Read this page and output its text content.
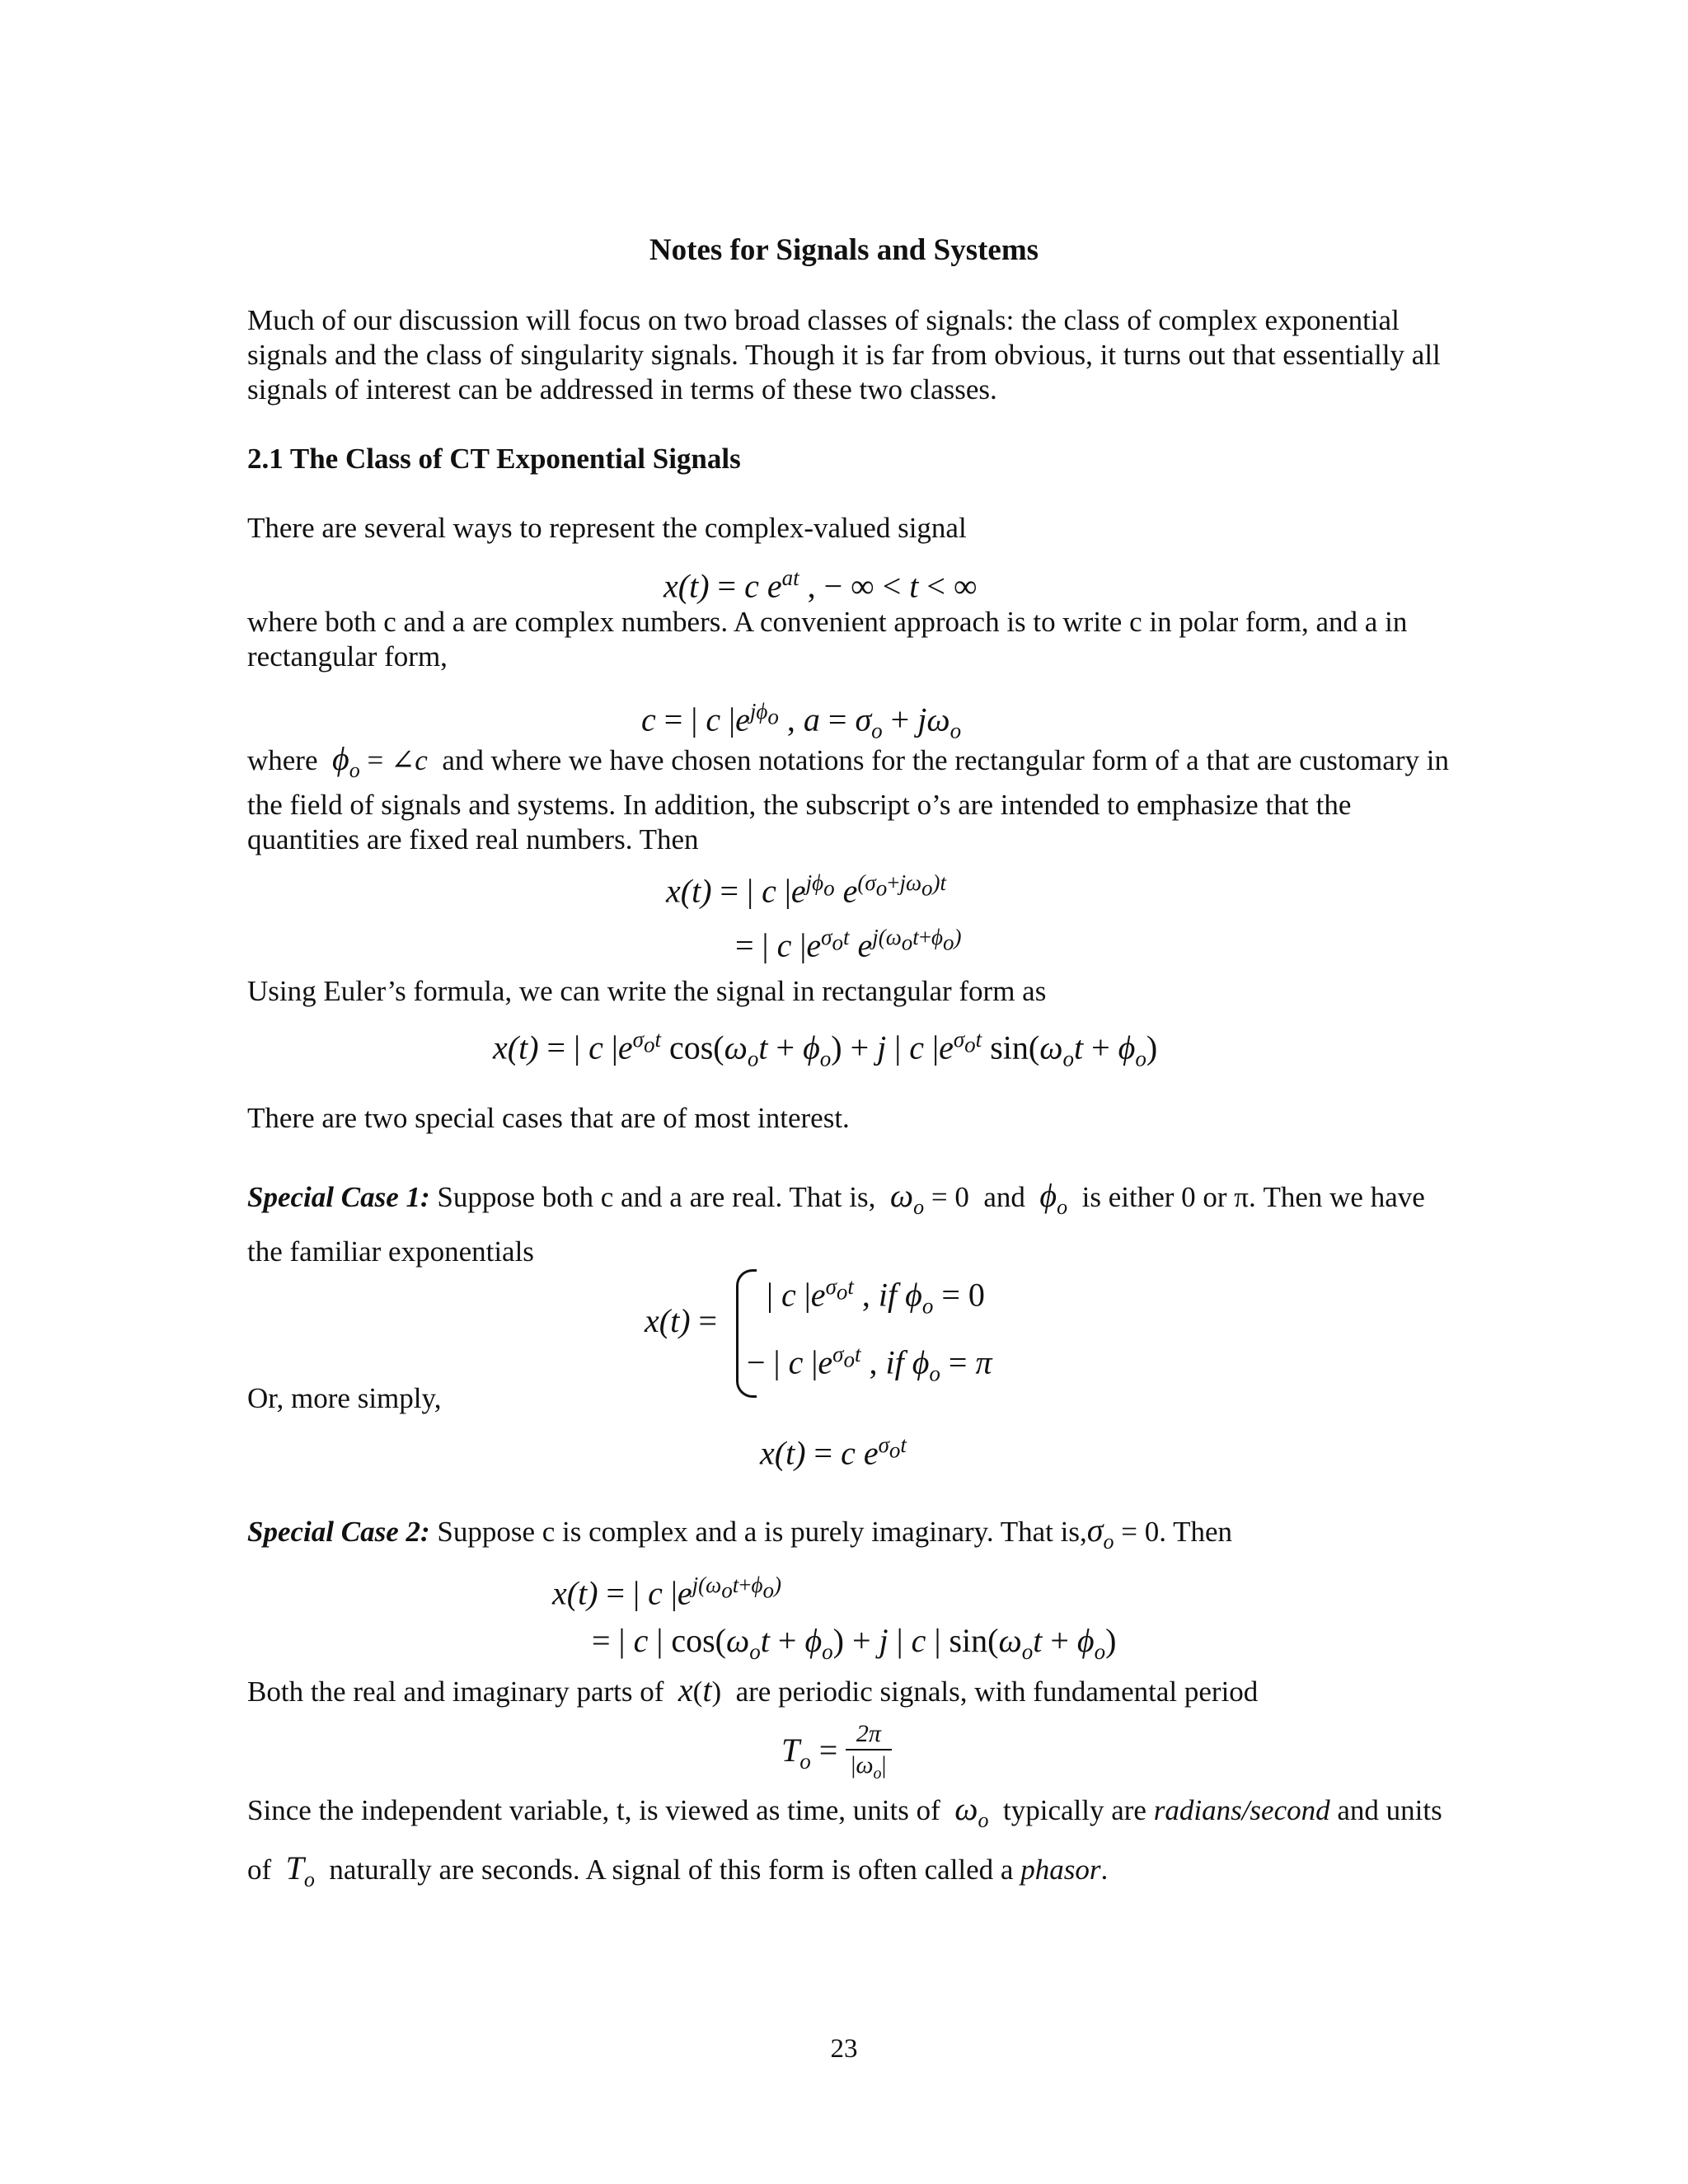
Notes for Signals and Systems

Much of our discussion will focus on two broad classes of signals: the class of complex exponential signals and the class of singularity signals. Though it is far from obvious, it turns out that essentially all signals of interest can be addressed in terms of these two classes.

2.1 The Class of CT Exponential Signals

There are several ways to represent the complex-valued signal

x(t) = c $e^{at}$ , − ∞ < t < ∞

where both c and a are complex numbers. A convenient approach is to write c in polar form, and a in rectangular form,

c = | c $|e^{j\phi_o}$ , $a = \sigma_o + j\omega_o$

where $\phi_o$ = ∠c and where we have chosen notations for the rectangular form of a that are customary in the field of signals and systems. In addition, the subscript o’s are intended to emphasize that the quantities are fixed real numbers. Then

x(t) = | c $|e^{j\phi_o}$ $e^{(\sigma_o+j\omega_o)t}$
= | c $|e^{\sigma_ot}$ $e^{j(\omega_ot+\phi_o)}$

Using Euler’s formula, we can write the signal in rectangular form as

x(t) = | c $|e^{\sigma_ot}$ $\cos(\omega_ot + \phi_o) + j$ | c $|e^{\sigma_ot}$ $\sin(\omega_ot + \phi_o)$

There are two special cases that are of most interest.

Special Case 1: Suppose both c and a are real. That is, $\omega_o = 0$  and $\phi_o$ is either 0 or π. Then we have the familiar exponentials

x(t) =
| c $|e^{\sigma_ot}$ , if $\phi_o = 0$
− | c $|e^{\sigma_ot}$ , if $\phi_o = \pi$

Or, more simply,

x(t) = c $e^{\sigma_ot}$

Special Case 2: Suppose c is complex and a is purely imaginary. That $is,\sigma_o = 0$. Then

x(t) = | c $|e^{j(\omega_ot+\phi_o)}$
= | c | $\cos(\omega_ot + \phi_o) + j$ | c | $\sin(\omega_ot + \phi_o)$

Both the real and imaginary parts of x(t)  are periodic signals, with fundamental period

$T_o = \frac{2\pi}{|\omega_o|}$

Since the independent variable, t, is viewed as time, units of $\omega_o$ typically are radians/second and units of $T_o$ naturally are seconds. A signal of this form is often called a phasor.

23
